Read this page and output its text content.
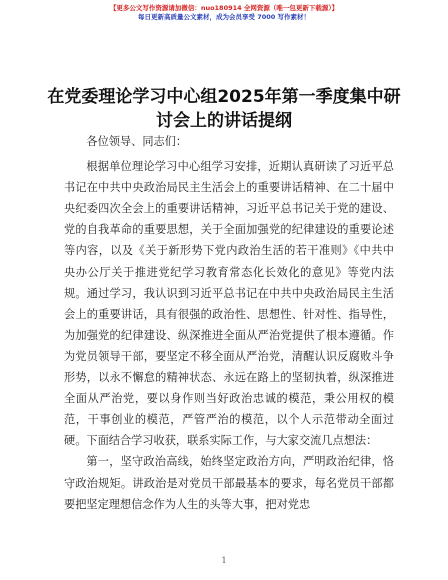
【更多公文写作资源请加微信：nuo180914 全网资源（唯一包更新下载源）】
每日更新高质量公文素材，成为会员享受 7000 写作素材！
在党委理论学习中心组2025年第一季度集中研讨会上的讲话提纲

各位领导、同志们：

根据单位理论学习中心组学习安排，近期认真研读了习近平总书记在中共中央政治局民主生活会上的重要讲话精神、在二十届中央纪委四次全会上的重要讲话精神，习近平总书记关于党的建设、党的自我革命的重要思想，关于全面加强党的纪律建设的重要论述等内容，以及《关于新形势下党内政治生活的若干准则》《中共中央办公厅关于推进党纪学习教育常态化长效化的意见》等党内法规。通过学习，我认识到习近平总书记在中共中央政治局民主生活会上的重要讲话，具有很强的政治性、思想性、针对性、指导性，为加强党的纪律建设、纵深推进全面从严治党提供了根本遵循。作为党员领导干部，要坚定不移全面从严治党，清醒认识反腐败斗争形势，以永不懈怠的精神状态、永远在路上的坚韧执着，纵深推进全面从严治党，要以身作则当好政治忠诚的模范，秉公用权的模范，干事创业的模范，严管严治的模范，以个人示范带动全面过硬。下面结合学习收获，联系实际工作，与大家交流几点想法：

第一，坚守政治高线，始终坚定政治方向，严明政治纪律，恪守政治规矩。讲政治是对党员干部最基本的要求，每名党员干部都要把坚定理想信念作为人生的头等大事，把对党忠

1
